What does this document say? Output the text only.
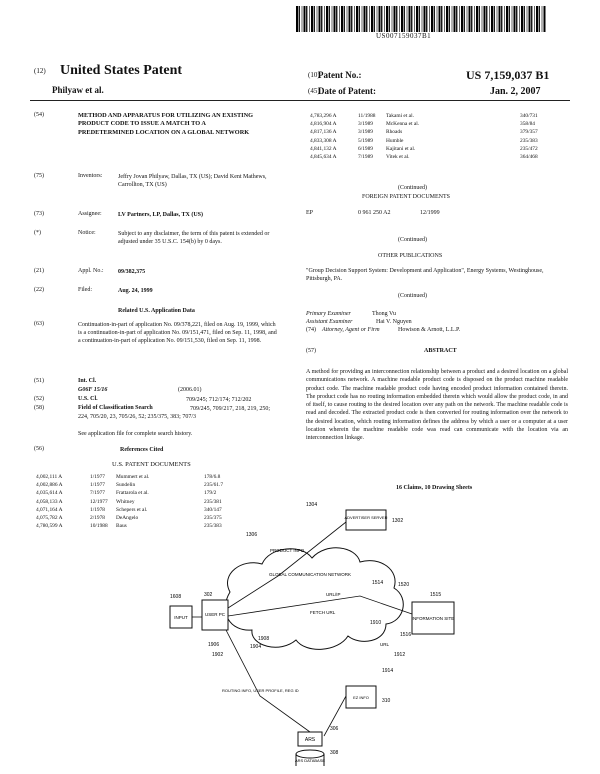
US007159037B1
(12) United States Patent
Philyaw et al.
(10)
Patent No.:	US 7,159,037 B1
(45)
Date of Patent:	Jan. 2, 2007
(54)	METHOD AND APPARATUS FOR UTILIZING AN EXISTING PRODUCT CODE TO ISSUE A MATCH TO A PREDETERMINED LOCATION ON A GLOBAL NETWORK
(75)	Inventors:	Jeffry Jovan Philyaw, Dallas, TX (US); David Kent Mathews, Carrollton, TX (US)
(73)	Assignee:	LV Partners, LP, Dallas, TX (US)
(*)	Notice:	Subject to any disclaimer, the term of this patent is extended or adjusted under 35 U.S.C. 154(b) by 0 days.
(21)	Appl. No.: 09/382,375
(22)	Filed:	Aug. 24, 1999
Related U.S. Application Data
(63)	Continuation-in-part of application No. 09/378,221, filed on Aug. 19, 1999, which is a continuation-in-part of application No. 09/151,471, filed on Sep. 11, 1998, and a continuation-in-part of application No. 09/151,530, filed on Sep. 11, 1998.
(51)	Int. Cl.
G06F 15/16	(2006.01)
(52)	U.S. Cl.	709/245; 712/174; 712/202
(58)	Field of Classification Search	709/245, 709/217, 218, 219, 250; 224, 705/20, 23, 705/26, 52; 235/375, 383; 707/3
See application file for complete search history.
(56)	References Cited
U.S. PATENT DOCUMENTS
4,002,111 A	1/1977 Mummert et al.	178/6.8
4,002,886 A	1/1977 Sundelin	235/61.7
4,035,614 A	7/1977 Frattarola et al.	179/2
4,058,133 A	12/1977 Whitney	235/381
4,071,164 A	1/1978 Schepers et al.	340/147
4,075,782 A	2/1978 DeAngelo	235/375
4,780,599 A	10/1988 Baus	235/383
4,783,296 A	11/1988 Takami et al.	340/731
4,816,904 A	3/1989 McKenna et al.	358/84
4,817,136 A	3/1989 Rhoads	379/357
4,833,308 A	5/1989 Humble	235/383
4,841,132 A	6/1989 Kajitani et al.	235/472
4,845,634 A	7/1989 Vitek et al.	364/468
(Continued)
FOREIGN PATENT DOCUMENTS
EP	0 961 250 A2	12/1999
(Continued)
OTHER PUBLICATIONS
"Group Decision Support System: Development and Application", Energy Systems, Westinghouse, Pittsburgh, PA.
(Continued)
Primary Examiner	Thong Vu
Assistant Examiner	Hai V. Nguyen
(74) Attorney, Agent or Firm	Howison & Arnott, L.L.P.
(57)	ABSTRACT
A method for providing an interconnection relationship between a product and a desired location on a global communications network. A machine readable product code is disposed on the product machine readable product code. The machine readable product code having encoded product information contained therein. The product code has no routing information embedded therein which would allow the product code, in and of itself, to cause routing to the desired location over any path on the network. The machine readable code is read and decoded. The extracted product code is then converted for routing information over the network to the desired location, which routing information defines the address by which a user or a computer at a user location wherein the machine readable code was read can communicate with the location via an interconnection linkage.
16 Claims, 10 Drawing Sheets
GLOBAL COMMUNICATION NETWORK
ADVERTISER SERVER
INPUT
USER PC
INFORMATION SITE
ARS
ARS DATABASE
EZ INFO
PRODUCT INFO
URL/IP
FETCH URL
URL
ROUTING INFO, USER PROFILE, REG ID
1304
1306
1302
1608	302	1515
1520
1514
1516
1910
1912
1914
1904
1908
1906
1902
306
308
310
